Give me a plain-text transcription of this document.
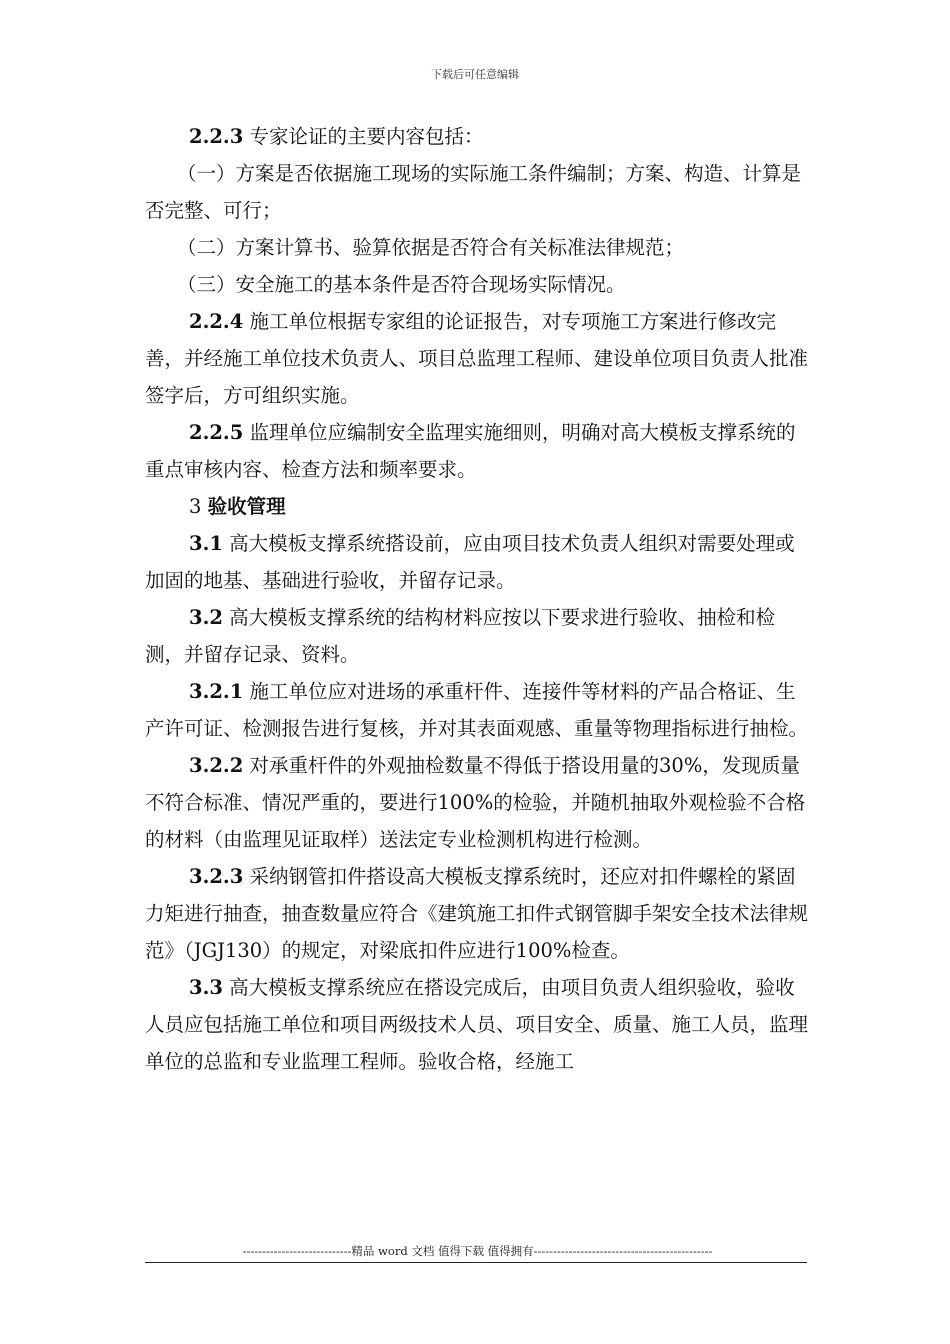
下载后可任意编辑

2.2.3 专家论证的主要内容包括：

（一）方案是否依据施工现场的实际施工条件编制；方案、构造、计算是否完整、可行；

（二）方案计算书、验算依据是否符合有关标准法律规范；

（三）安全施工的基本条件是否符合现场实际情况。

2.2.4 施工单位根据专家组的论证报告，对专项施工方案进行修改完善，并经施工单位技术负责人、项目总监理工程师、建设单位项目负责人批准签字后，方可组织实施。

2.2.5 监理单位应编制安全监理实施细则，明确对高大模板支撑系统的重点审核内容、检查方法和频率要求。

3 验收管理

3.1 高大模板支撑系统搭设前，应由项目技术负责人组织对需要处理或加固的地基、基础进行验收，并留存记录。

3.2 高大模板支撑系统的结构材料应按以下要求进行验收、抽检和检测，并留存记录、资料。

3.2.1 施工单位应对进场的承重杆件、连接件等材料的产品合格证、生产许可证、检测报告进行复核，并对其表面观感、重量等物理指标进行抽检。

3.2.2 对承重杆件的外观抽检数量不得低于搭设用量的30%，发现质量不符合标准、情况严重的，要进行100%的检验，并随机抽取外观检验不合格的材料（由监理见证取样）送法定专业检测机构进行检测。

3.2.3 采纳钢管扣件搭设高大模板支撑系统时，还应对扣件螺栓的紧固力矩进行抽查，抽查数量应符合《建筑施工扣件式钢管脚手架安全技术法律规范》（JGJ130）的规定，对梁底扣件应进行100%检查。

3.3 高大模板支撑系统应在搭设完成后，由项目负责人组织验收，验收人员应包括施工单位和项目两级技术人员、项目安全、质量、施工人员，监理单位的总监和专业监理工程师。验收合格，经施工

----------------------------精品 word 文档 值得下载 值得拥有----------------------------------------------
